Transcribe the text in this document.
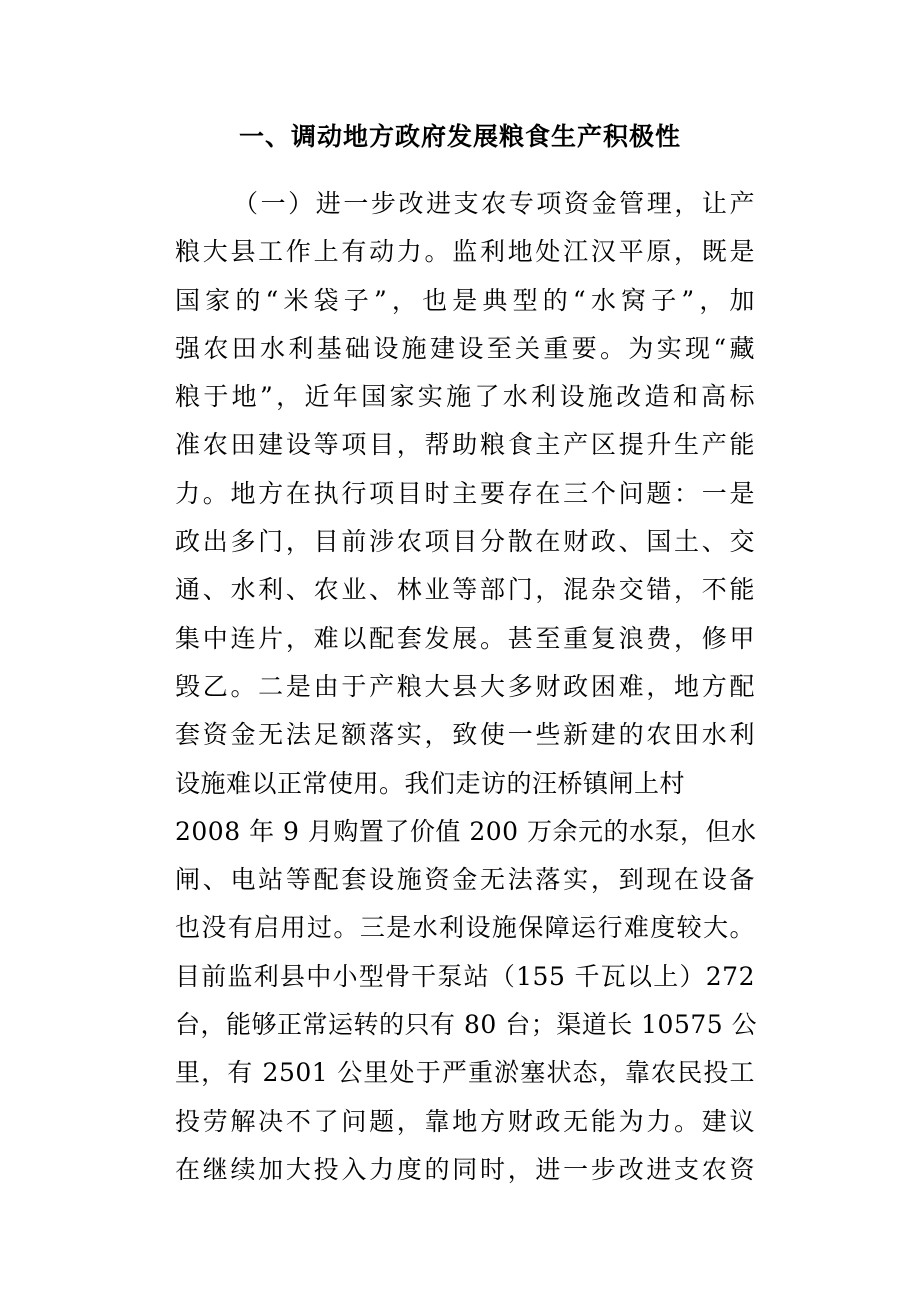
一、调动地方政府发展粮食生产积极性
（一）进一步改进支农专项资金管理，让产
粮大县工作上有动力。监利地处江汉平原，既是
国家的“米袋子”，也是典型的“水窝子”，加
强农田水利基础设施建设至关重要。为实现“藏
粮于地”，近年国家实施了水利设施改造和高标
准农田建设等项目，帮助粮食主产区提升生产能
力。地方在执行项目时主要存在三个问题：一是
政出多门，目前涉农项目分散在财政、国土、交
通、水利、农业、林业等部门，混杂交错，不能
集中连片，难以配套发展。甚至重复浪费，修甲
毁乙。二是由于产粮大县大多财政困难，地方配
套资金无法足额落实，致使一些新建的农田水利
设施难以正常使用。我们走访的汪桥镇闸上村
2008 年 9 月购置了价值 200 万余元的水泵，但水
闸、电站等配套设施资金无法落实，到现在设备
也没有启用过。三是水利设施保障运行难度较大。
目前监利县中小型骨干泵站（155 千瓦以上）272
台，能够正常运转的只有 80 台；渠道长 10575 公
里，有 2501 公里处于严重淤塞状态，靠农民投工
投劳解决不了问题，靠地方财政无能为力。建议
在继续加大投入力度的同时，进一步改进支农资
